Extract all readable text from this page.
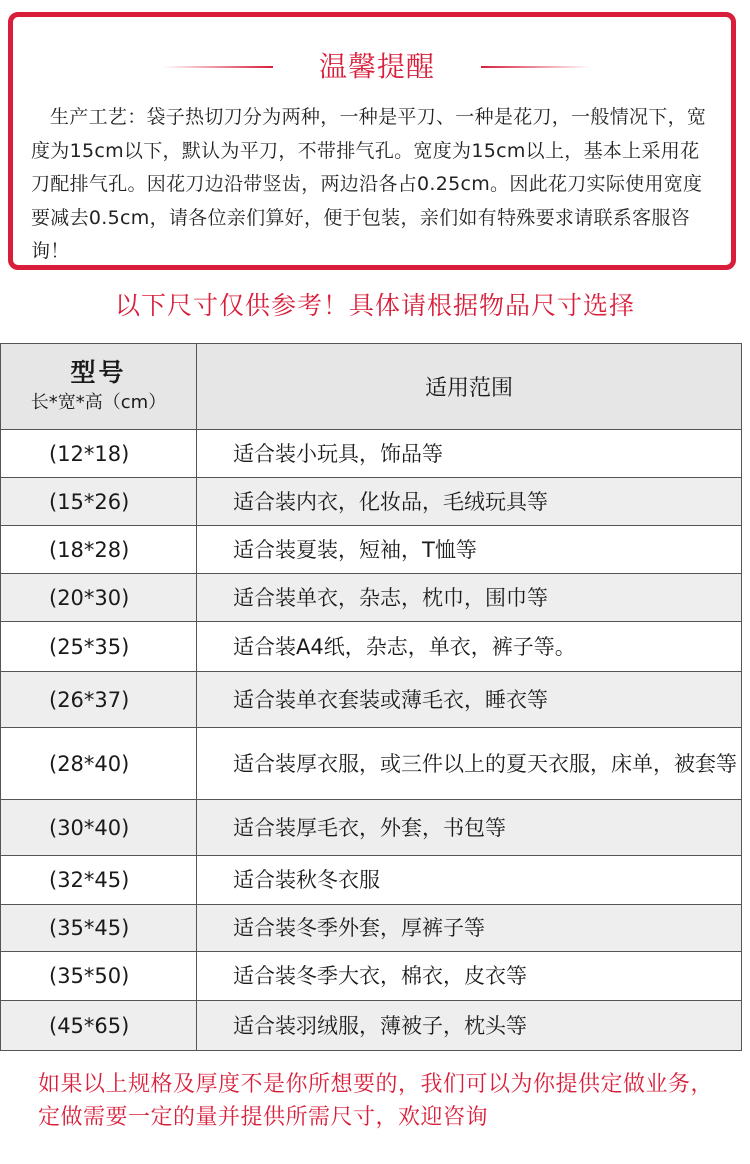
温馨提醒
生产工艺：袋子热切刀分为两种，一种是平刀、一种是花刀，一般情况下，宽度为15cm以下，默认为平刀，不带排气孔。宽度为15cm以上，基本上采用花刀配排气孔。因花刀边沿带竖齿，两边沿各占0.25cm。因此花刀实际使用宽度要减去0.5cm，请各位亲们算好，便于包装，亲们如有特殊要求请联系客服咨询！
以下尺寸仅供参考！具体请根据物品尺寸选择
型号
长*宽*高（cm）	适用范围
(12*18)	适合装小玩具，饰品等
(15*26)	适合装内衣，化妆品，毛绒玩具等
(18*28)	适合装夏装，短袖，T恤等
(20*30)	适合装单衣，杂志，枕巾，围巾等
(25*35)	适合装A4纸，杂志，单衣，裤子等。
(26*37)	适合装单衣套装或薄毛衣，睡衣等
(28*40)	适合装厚衣服，或三件以上的夏天衣服，床单，被套等
(30*40)	适合装厚毛衣，外套，书包等
(32*45)	适合装秋冬衣服
(35*45)	适合装冬季外套，厚裤子等
(35*50)	适合装冬季大衣，棉衣，皮衣等
(45*65)	适合装羽绒服，薄被子，枕头等
如果以上规格及厚度不是你所想要的，我们可以为你提供定做业务，定做需要一定的量并提供所需尺寸，欢迎咨询
